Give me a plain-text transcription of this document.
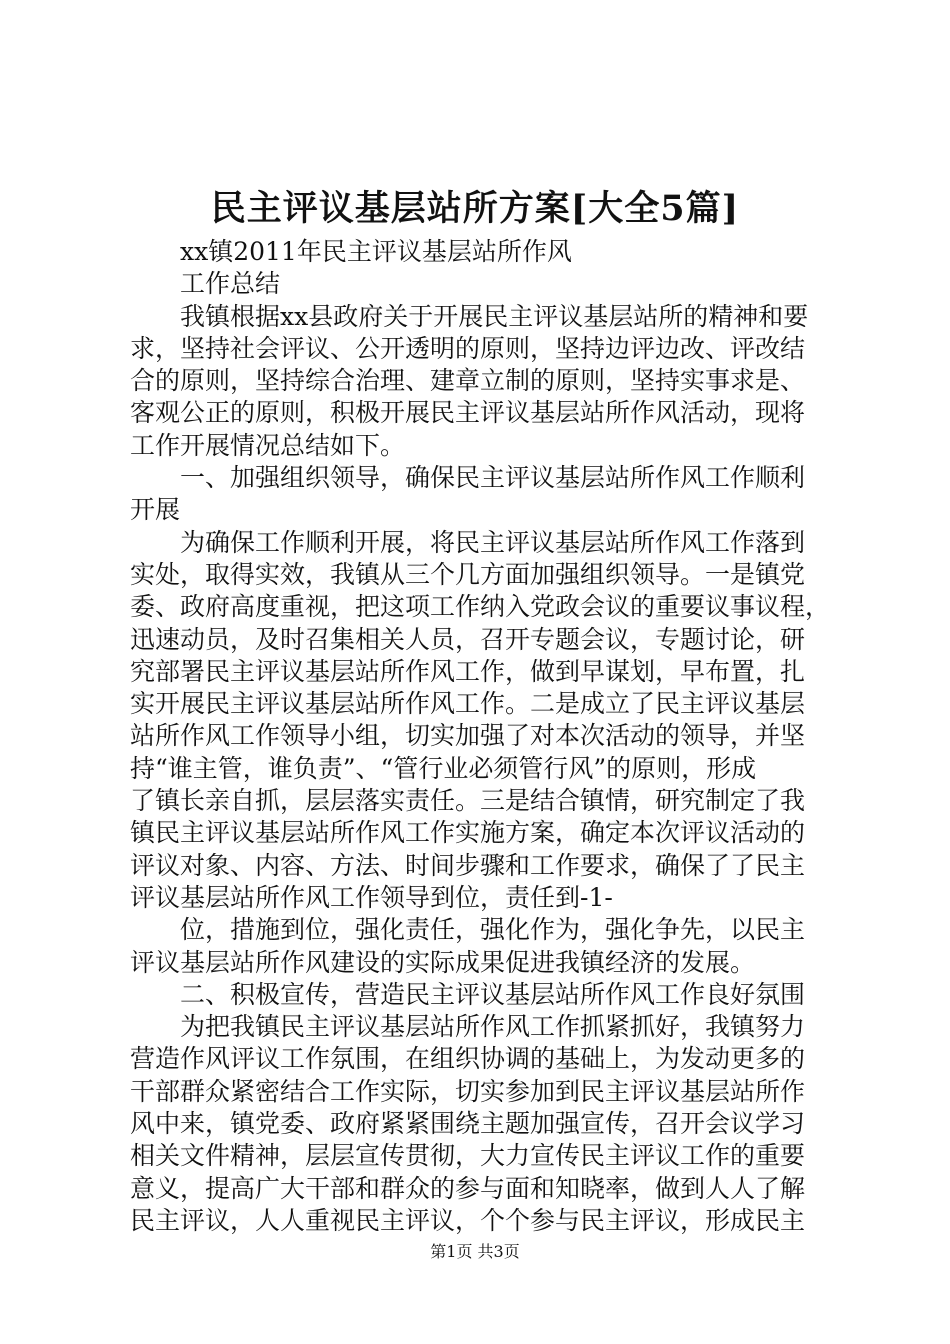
民主评议基层站所方案[大全5篇]
xx镇2011年民主评议基层站所作风
工作总结
我镇根据xx县政府关于开展民主评议基层站所的精神和要
求，坚持社会评议、公开透明的原则，坚持边评边改、评改结
合的原则，坚持综合治理、建章立制的原则，坚持实事求是、
客观公正的原则，积极开展民主评议基层站所作风活动，现将
工作开展情况总结如下。
一、加强组织领导，确保民主评议基层站所作风工作顺利
开展
为确保工作顺利开展，将民主评议基层站所作风工作落到
实处，取得实效，我镇从三个几方面加强组织领导。一是镇党
委、政府高度重视，把这项工作纳入党政会议的重要议事议程，
迅速动员，及时召集相关人员，召开专题会议，专题讨论，研
究部署民主评议基层站所作风工作，做到早谋划，早布置，扎
实开展民主评议基层站所作风工作。二是成立了民主评议基层
站所作风工作领导小组，切实加强了对本次活动的领导，并坚
持“谁主管，谁负责”、“管行业必须管行风”的原则，形成
了镇长亲自抓，层层落实责任。三是结合镇情，研究制定了我
镇民主评议基层站所作风工作实施方案，确定本次评议活动的
评议对象、内容、方法、时间步骤和工作要求，确保了了民主
评议基层站所作风工作领导到位，责任到-1-
位，措施到位，强化责任，强化作为，强化争先，以民主
评议基层站所作风建设的实际成果促进我镇经济的发展。
二、积极宣传，营造民主评议基层站所作风工作良好氛围
为把我镇民主评议基层站所作风工作抓紧抓好，我镇努力
营造作风评议工作氛围，在组织协调的基础上，为发动更多的
干部群众紧密结合工作实际，切实参加到民主评议基层站所作
风中来，镇党委、政府紧紧围绕主题加强宣传，召开会议学习
相关文件精神，层层宣传贯彻，大力宣传民主评议工作的重要
意义，提高广大干部和群众的参与面和知晓率，做到人人了解
民主评议，人人重视民主评议，个个参与民主评议，形成民主
第1页 共3页
